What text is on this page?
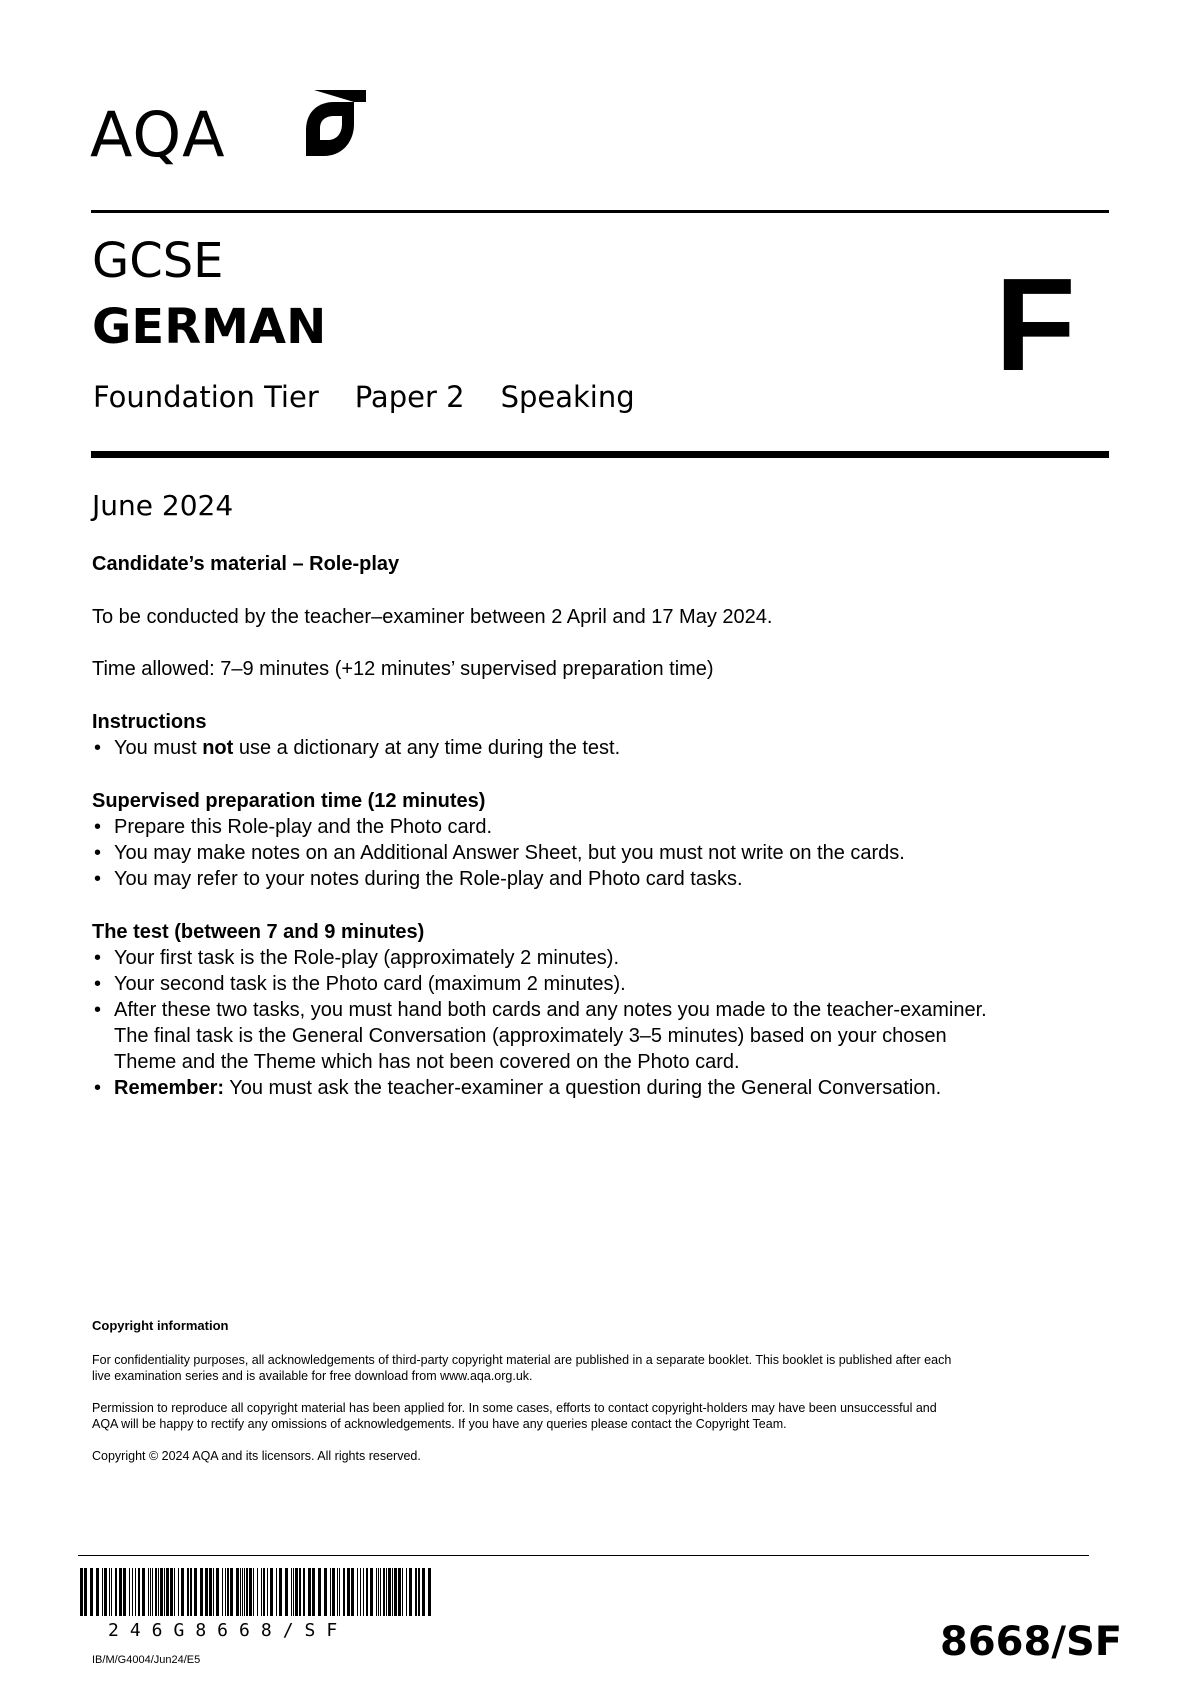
AQA
GCSE
GERMAN
Foundation Tier Paper 2 Speaking	F
June 2024
Candidate’s material – Role-play
To be conducted by the teacher–examiner between 2 April and 17 May 2024.
Time allowed: 7–9 minutes (+12 minutes’ supervised preparation time)
Instructions
• You must not use a dictionary at any time during the test.
Supervised preparation time (12 minutes)
• Prepare this Role-play and the Photo card.
• You may make notes on an Additional Answer Sheet, but you must not write on the cards.
• You may refer to your notes during the Role-play and Photo card tasks.
The test (between 7 and 9 minutes)
• Your first task is the Role-play (approximately 2 minutes).
• Your second task is the Photo card (maximum 2 minutes).
• After these two tasks, you must hand both cards and any notes you made to the teacher-examiner.
The final task is the General Conversation (approximately 3–5 minutes) based on your chosen
Theme and the Theme which has not been covered on the Photo card.
• Remember: You must ask the teacher-examiner a question during the General Conversation.

Copyright information

For confidentiality purposes, all acknowledgements of third-party copyright material are published in a separate booklet. This booklet is published after each
live examination series and is available for free download from www.aqa.org.uk.

Permission to reproduce all copyright material has been applied for. In some cases, efforts to contact copyright-holders may have been unsuccessful and
AQA will be happy to rectify any omissions of acknowledgements. If you have any queries please contact the Copyright Team.

Copyright © 2024 AQA and its licensors. All rights reserved.

246G8668/SF
IB/M/G4004/Jun24/E5	8668/SF
